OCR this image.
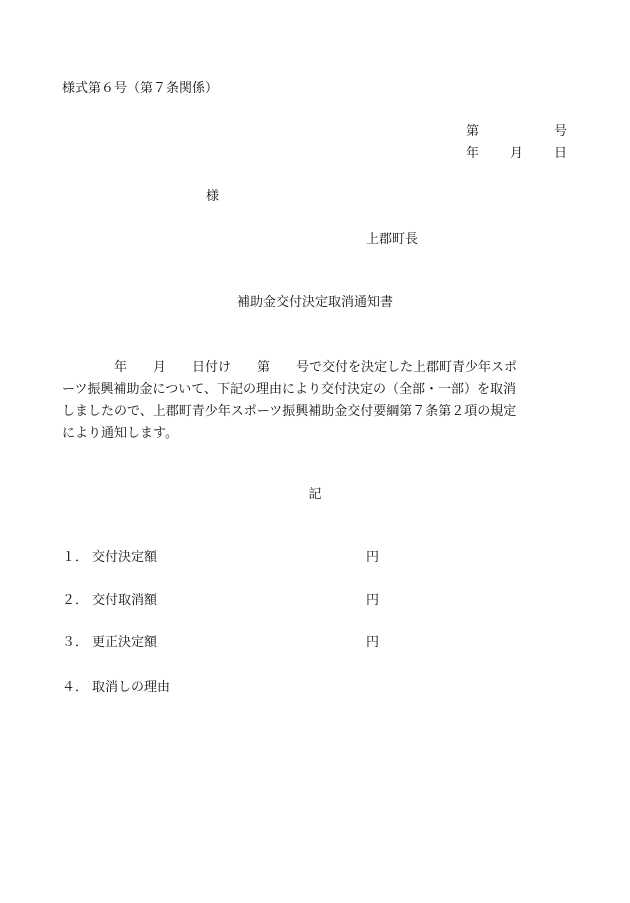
様式第６号（第７条関係）
第	号
年 月 日
様
上郡町長
補助金交付決定取消通知書
　　　　年　　月　　日付け　　第　　号で交付を決定した上郡町青少年スポ
ーツ振興補助金について、下記の理由により交付決定の（全部・一部）を取消
しましたので、上郡町青少年スポーツ振興補助金交付要綱第７条第２項の規定
により通知します。
記
１． 交付決定額	円
２． 交付取消額	円
３． 更正決定額	円
４． 取消しの理由
